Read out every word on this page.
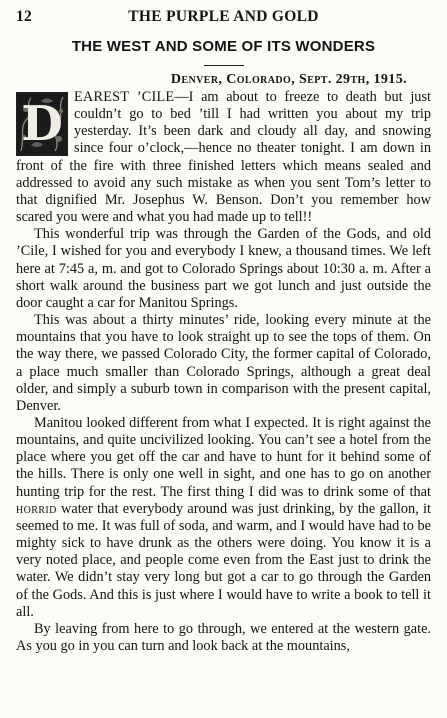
12	THE PURPLE AND GOLD
THE WEST AND SOME OF ITS WONDERS
Denver, Colorado, Sept. 29th, 1915.

D EAREST ’CILE—I am about to freeze to death but just couldn’t go to bed ’till I had written you about my trip yesterday. It’s been dark and cloudy all day, and snowing since four o’clock,—hence no theater tonight. I am down in front of the fire with three finished letters which means sealed and addressed to avoid any such mistake as when you sent Tom’s letter to that dignified Mr. Josephus W. Benson. Don’t you remember how scared you were and what you had made up to tell!!

This wonderful trip was through the Garden of the Gods, and old ’Cile, I wished for you and everybody I knew, a thousand times. We left here at 7:45 a, m. and got to Colorado Springs about 10:30 a. m. After a short walk around the business part we got lunch and just outside the door caught a car for Manitou Springs.

This was about a thirty minutes’ ride, looking every minute at the mountains that you have to look straight up to see the tops of them. On the way there, we passed Colorado City, the former capital of Colorado, a place much smaller than Colorado Springs, although a great deal older, and simply a suburb town in comparison with the present capital, Denver.

Manitou looked different from what I expected. It is right against the mountains, and quite uncivilized looking. You can’t see a hotel from the place where you get off the car and have to hunt for it behind some of the hills. There is only one well in sight, and one has to go on another hunting trip for the rest. The first thing I did was to drink some of that horrid water that everybody around was just drinking, by the gallon, it seemed to me. It was full of soda, and warm, and I would have had to be mighty sick to have drunk as the others were doing. You know it is a very noted place, and people come even from the East just to drink the water. We didn’t stay very long but got a car to go through the Garden of the Gods. And this is just where I would have to write a book to tell it all.

By leaving from here to go through, we entered at the western gate. As you go in you can turn and look back at the mountains,
